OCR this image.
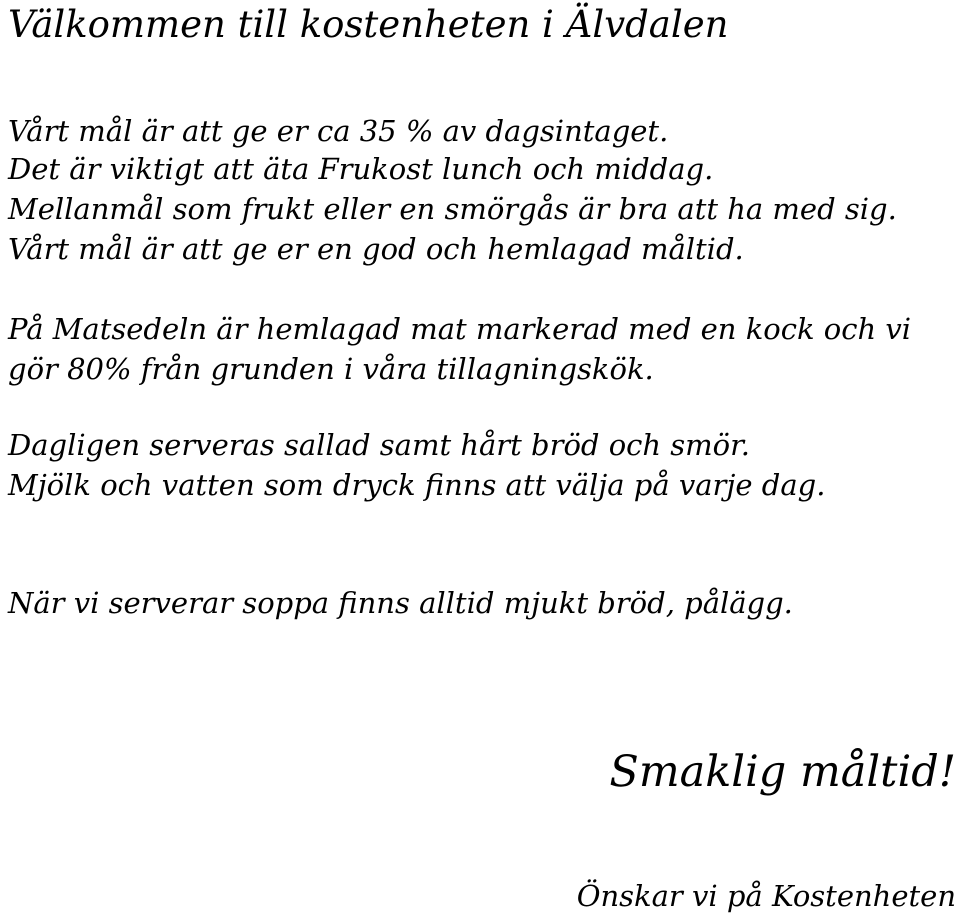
Välkommen till kostenheten i Älvdalen

Vårt mål är att ge er ca 35 % av dagsintaget.

Det är viktigt att äta Frukost lunch och middag.

Mellanmål som frukt eller en smörgås är bra att ha med sig.

Vårt mål är att ge er en god och hemlagad måltid.

På Matsedeln är hemlagad mat markerad med en kock och vi

gör 80% från grunden i våra tillagningskök.

Dagligen serveras sallad samt hårt bröd och smör.

Mjölk och vatten som dryck finns att välja på varje dag.

När vi serverar soppa finns alltid mjukt bröd, pålägg.

Smaklig måltid!
Önskar vi på Kostenheten
